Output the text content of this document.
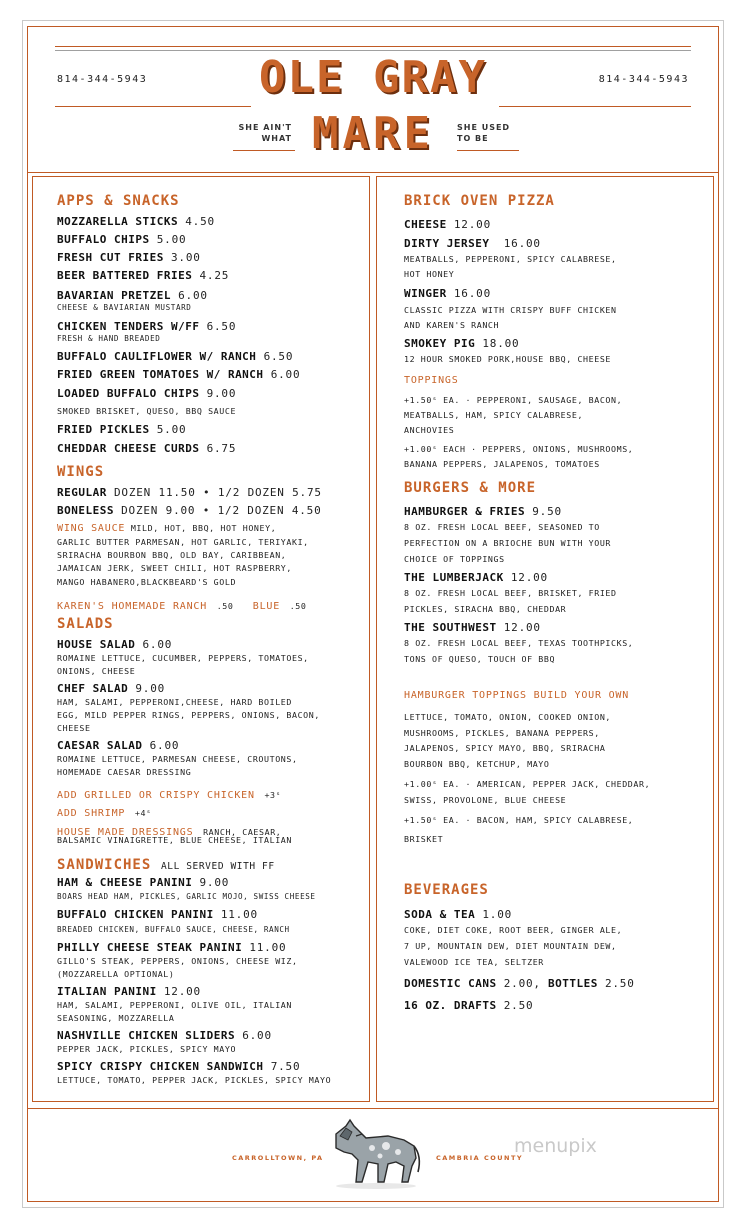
814-344-5943	814-344-5943
OLE GRAY
SHE AIN'T WHAT MARE	SHE USED TO BE
APPS & SNACKS
MOZZARELLA STICKS 4.50
BUFFALO CHIPS 5.00
FRESH CUT FRIES 3.00
BEER BATTERED FRIES 4.25
BAVARIAN PRETZEL 6.00
CHEESE & BAVIARIAN MUSTARD
CHICKEN TENDERS W/FF 6.50
FRESH & HAND BREADED
BUFFALO CAULIFLOWER W/ RANCH 6.50
FRIED GREEN TOMATOES W/ RANCH 6.00
LOADED BUFFALO CHIPS 9.00
SMOKED BRISKET, QUESO, BBQ SAUCE
FRIED PICKLES 5.00
CHEDDAR CHEESE CURDS 6.75
WINGS
REGULAR DOZEN 11.50 • 1/2 DOZEN 5.75
BONELESS DOZEN 9.00 • 1/2 DOZEN 4.50
WING SAUCE MILD, HOT, BBQ, HOT HONEY,
GARLIC BUTTER PARMESAN, HOT GARLIC, TERIYAKI,
SRIRACHA BOURBON BBQ, OLD BAY, CARIBBEAN,
JAMAICAN JERK, SWEET CHILI, HOT RASPBERRY,
MANGO HABANERO,BLACKBEARD'S GOLD
KAREN'S HOMEMADE RANCH .50 BLUE .50
SALADS
HOUSE SALAD 6.00
ROMAINE LETTUCE, CUCUMBER, PEPPERS, TOMATOES,
ONIONS, CHEESE
CHEF SALAD 9.00
HAM, SALAMI, PEPPERONI,CHEESE, HARD BOILED
EGG, MILD PEPPER RINGS, PEPPERS, ONIONS, BACON,
CHEESE
CAESAR SALAD 6.00
ROMAINE LETTUCE, PARMESAN CHEESE, CROUTONS,
HOMEMADE CAESAR DRESSING
ADD GRILLED OR CRISPY CHICKEN +3ˢ
ADD SHRIMP +4ˢ
HOUSE MADE DRESSINGS RANCH, CAESAR,
BALSAMIC VINAIGRETTE, BLUE CHEESE, ITALIAN
SANDWICHES ALL SERVED WITH FF
HAM & CHEESE PANINI 9.00
BOARS HEAD HAM, PICKLES, GARLIC MOJO, SWISS CHEESE
BUFFALO CHICKEN PANINI 11.00
BREADED CHICKEN, BUFFALO SAUCE, CHEESE, RANCH
PHILLY CHEESE STEAK PANINI 11.00
GILLO'S STEAK, PEPPERS, ONIONS, CHEESE WIZ,
(MOZZARELLA OPTIONAL)
ITALIAN PANINI 12.00
HAM, SALAMI, PEPPERONI, OLIVE OIL, ITALIAN
SEASONING, MOZZARELLA
NASHVILLE CHICKEN SLIDERS 6.00
PEPPER JACK, PICKLES, SPICY MAYO
SPICY CRISPY CHICKEN SANDWICH 7.50
LETTUCE, TOMATO, PEPPER JACK, PICKLES, SPICY MAYO
BRICK OVEN PIZZA
CHEESE 12.00
DIRTY JERSEY 16.00
MEATBALLS, PEPPERONI, SPICY CALABRESE,
HOT HONEY
WINGER 16.00
CLASSIC PIZZA WITH CRISPY BUFF CHICKEN
AND KAREN'S RANCH
SMOKEY PIG 18.00
12 HOUR SMOKED PORK,HOUSE BBQ, CHEESE
TOPPINGS
+1.50ˢ EA. · PEPPERONI, SAUSAGE, BACON,
MEATBALLS, HAM, SPICY CALABRESE,
ANCHOVIES
+1.00ˢ EACH · PEPPERS, ONIONS, MUSHROOMS,
BANANA PEPPERS, JALAPENOS, TOMATOES
BURGERS & MORE
HAMBURGER & FRIES 9.50
8 OZ. FRESH LOCAL BEEF, SEASONED TO
PERFECTION ON A BRIOCHE BUN WITH YOUR
CHOICE OF TOPPINGS
THE LUMBERJACK 12.00
8 OZ. FRESH LOCAL BEEF, BRISKET, FRIED
PICKLES, SIRACHA BBQ, CHEDDAR
THE SOUTHWEST 12.00
8 OZ. FRESH LOCAL BEEF, TEXAS TOOTHPICKS,
TONS OF QUESO, TOUCH OF BBQ
HAMBURGER TOPPINGS BUILD YOUR OWN
LETTUCE, TOMATO, ONION, COOKED ONION,
MUSHROOMS, PICKLES, BANANA PEPPERS,
JALAPENOS, SPICY MAYO, BBQ, SRIRACHA
BOURBON BBQ, KETCHUP, MAYO
+1.00ˢ EA. · AMERICAN, PEPPER JACK, CHEDDAR,
SWISS, PROVOLONE, BLUE CHEESE
+1.50ˢ EA. · BACON, HAM, SPICY CALABRESE,
BRISKET
BEVERAGES
SODA & TEA 1.00
COKE, DIET COKE, ROOT BEER, GINGER ALE,
7 UP, MOUNTAIN DEW, DIET MOUNTAIN DEW,
VALEWOOD ICE TEA, SELTZER
DOMESTIC CANS 2.00, BOTTLES 2.50
16 OZ. DRAFTS 2.50
CARROLLTOWN, PA	CAMBRIA COUNTY
menupix
